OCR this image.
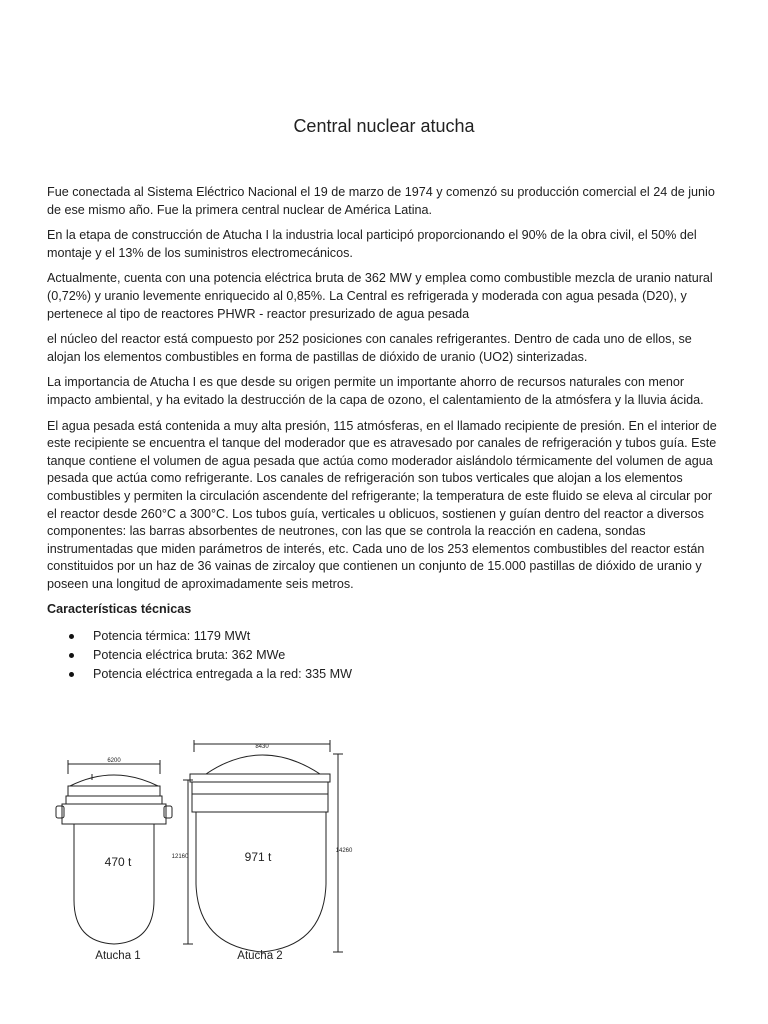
Central nuclear atucha

Fue conectada al Sistema Eléctrico Nacional el 19 de marzo de 1974 y comenzó su producción comercial el 24 de junio de ese mismo año. Fue la primera central nuclear de América Latina.

En la etapa de construcción de Atucha I la industria local participó proporcionando el 90% de la obra civil, el 50% del montaje y el 13% de los suministros electromecánicos.

Actualmente, cuenta con una potencia eléctrica bruta de 362 MW y emplea como combustible mezcla de uranio natural (0,72%) y uranio levemente enriquecido al 0,85%. La Central es refrigerada y moderada con agua pesada (D20), y pertenece al tipo de reactores PHWR - reactor presurizado de agua pesada

el núcleo del reactor está compuesto por 252 posiciones con canales refrigerantes. Dentro de cada uno de ellos, se alojan los elementos combustibles en forma de pastillas de dióxido de uranio (UO2) sinterizadas.

La importancia de Atucha I es que desde su origen permite un importante ahorro de recursos naturales con menor impacto ambiental, y ha evitado la destrucción de la capa de ozono, el calentamiento de la atmósfera y la lluvia ácida.

El agua pesada está contenida a muy alta presión, 115 atmósferas, en el llamado recipiente de presión. En el interior de este recipiente se encuentra el tanque del moderador que es atravesado por canales de refrigeración y tubos guía. Este tanque contiene el volumen de agua pesada que actúa como moderador aislándolo térmicamente del volumen de agua pesada que actúa como refrigerante. Los canales de refrigeración son tubos verticales que alojan a los elementos combustibles y permiten la circulación ascendente del refrigerante; la temperatura de este fluido se eleva al circular por el reactor desde 260°C a 300°C. Los tubos guía, verticales u oblicuos, sostienen y guían dentro del reactor a diversos componentes: las barras absorbentes de neutrones, con las que se controla la reacción en cadena, sondas instrumentadas que miden parámetros de interés, etc. Cada uno de los 253 elementos combustibles del reactor están constituidos por un haz de 36 vainas de zircaloy que contienen un conjunto de 15.000 pastillas de dióxido de uranio y poseen una longitud de aproximadamente seis metros.

Características técnicas
Potencia térmica: 1179 MWt
Potencia eléctrica bruta: 362 MWe
Potencia eléctrica entregada a la red: 335 MW
6200
12160
470 t
Atucha 1
8430
14260
971 t
Atucha 2
